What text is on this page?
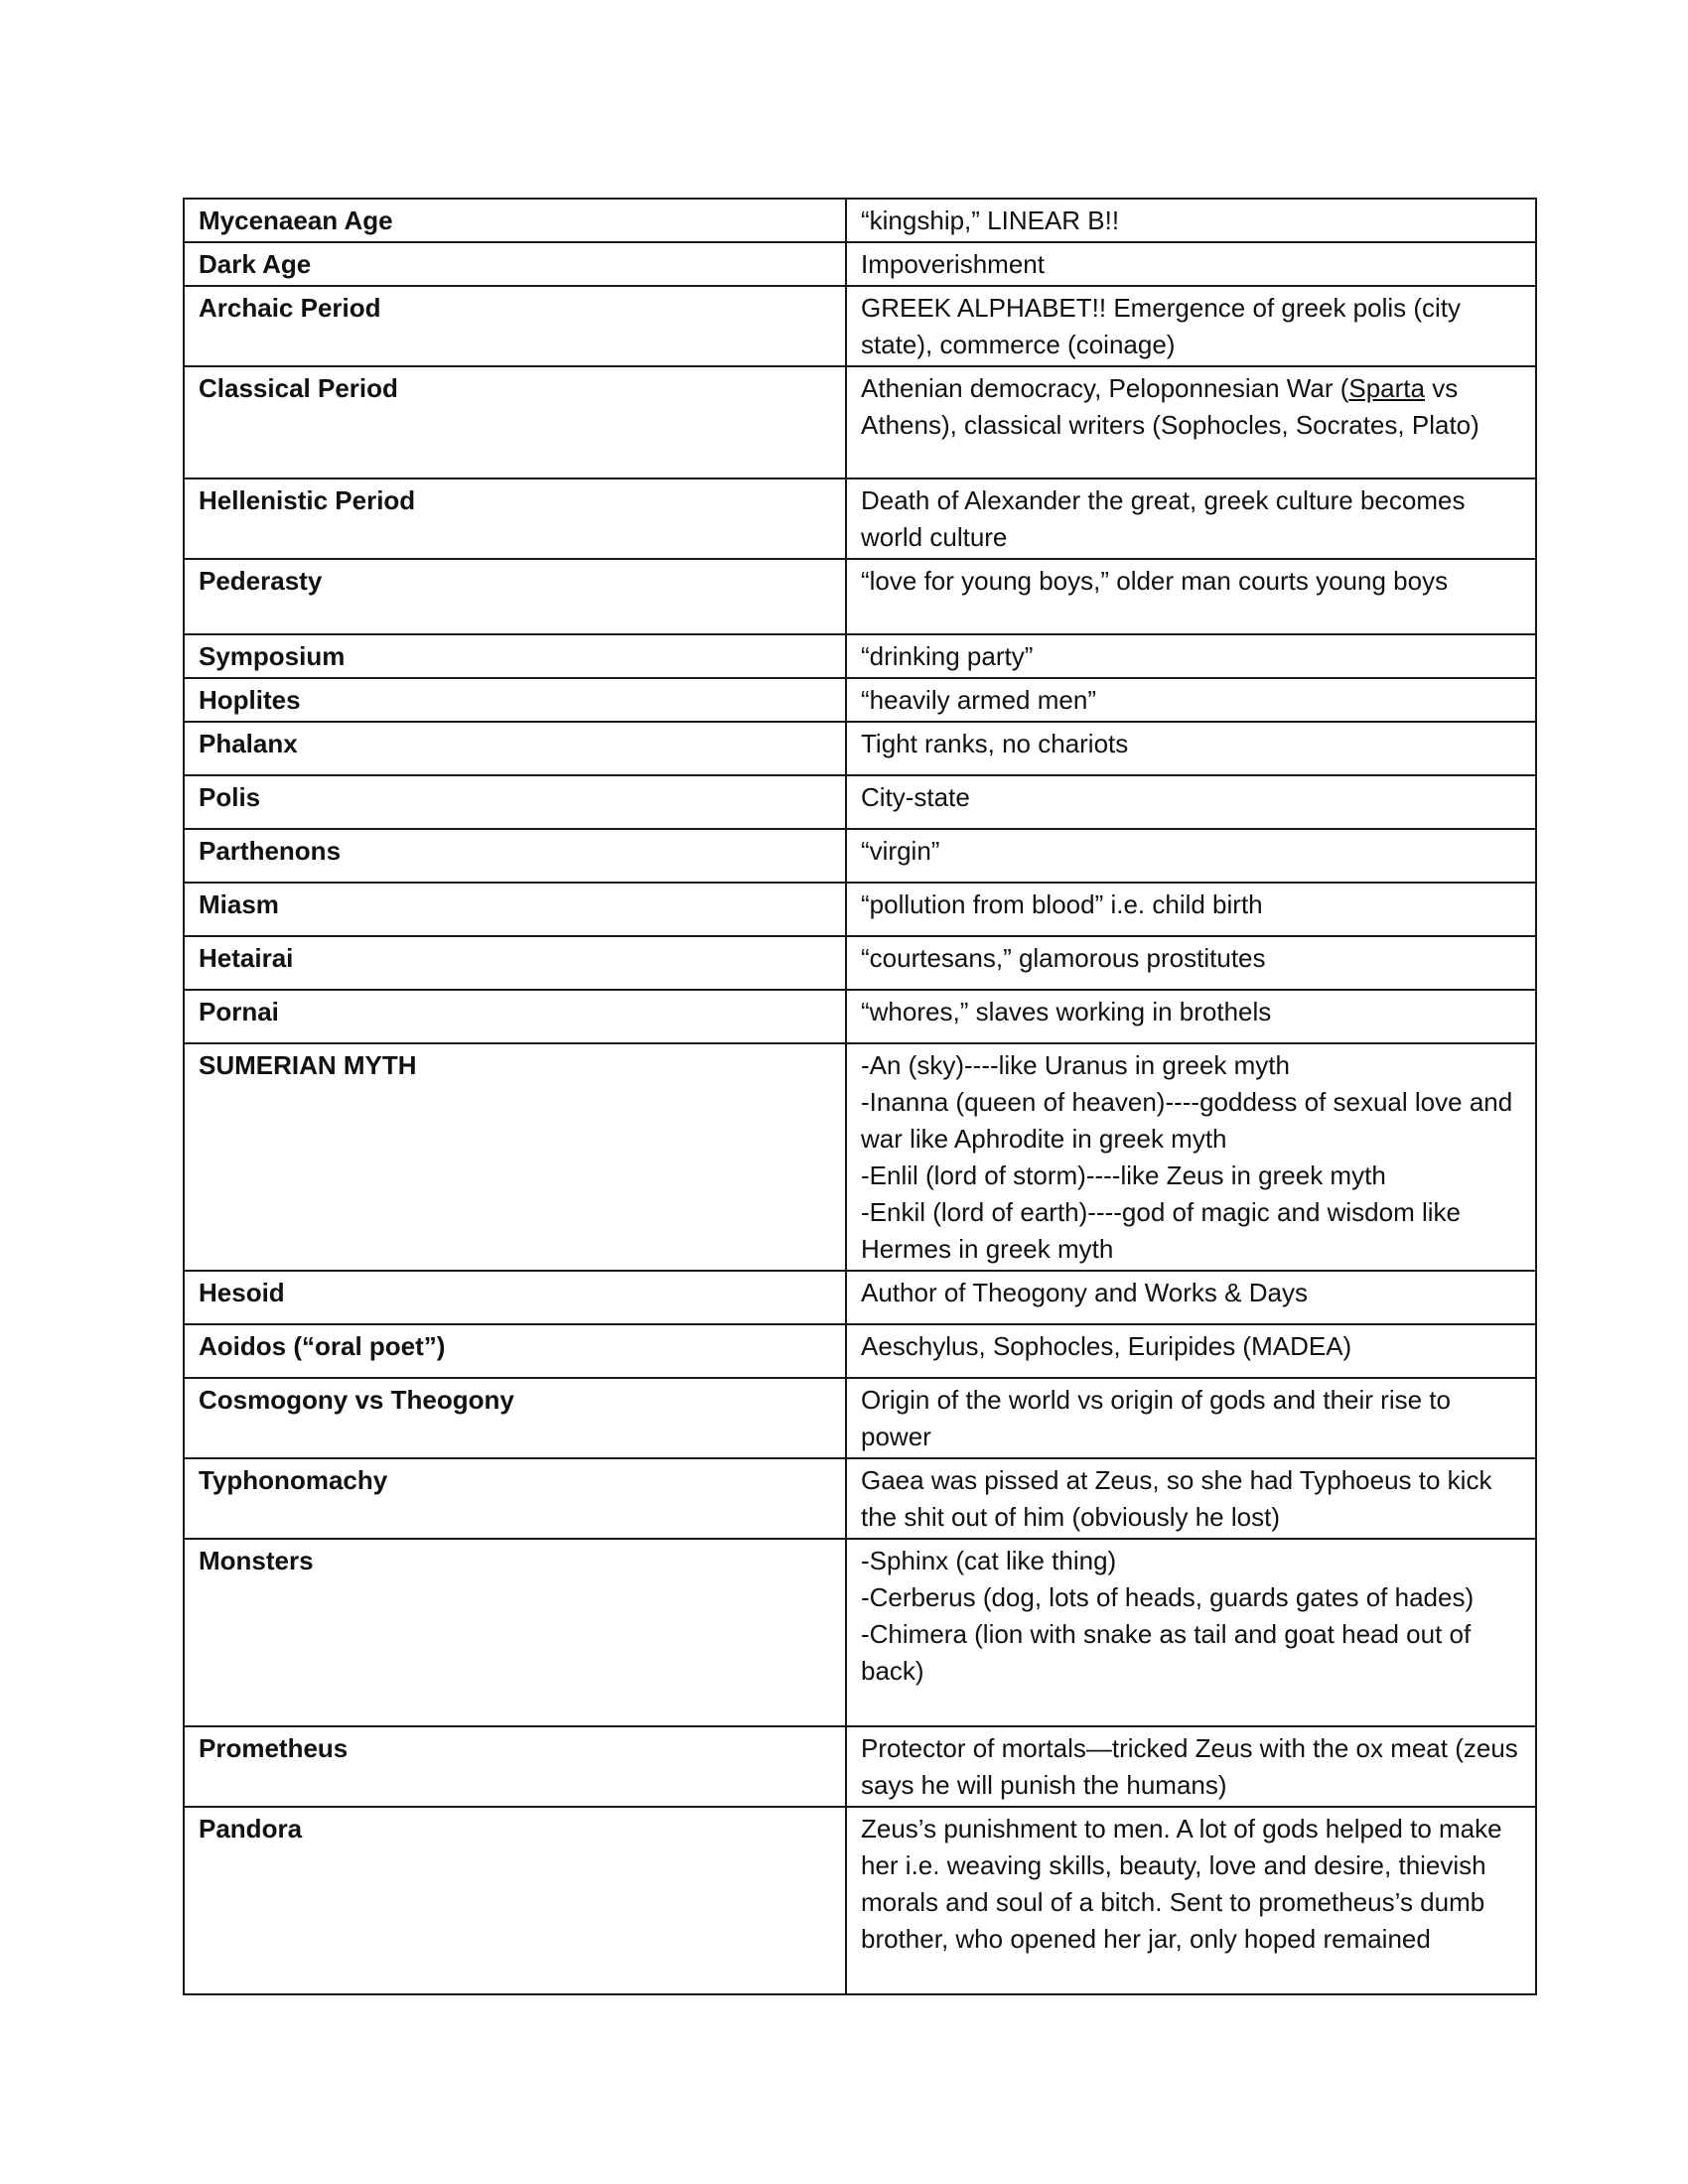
Mycenaean Age	“kingship,” LINEAR B!!

Dark Age	Impoverishment

Archaic Period	GREEK ALPHABET!! Emergence of greek polis (city state), commerce (coinage)

Classical Period	Athenian democracy, Peloponnesian War (Sparta vs Athens), classical writers (Sophocles, Socrates, Plato)
Hellenistic Period	Death of Alexander the great, greek culture becomes world culture

Pederasty	“love for young boys,” older man courts young boys

Symposium	“drinking party”

Hoplites	“heavily armed men”

Phalanx	Tight ranks, no chariots

Polis	City-state

Parthenons	“virgin”

Miasm	“pollution from blood” i.e. child birth

Hetairai	“courtesans,” glamorous prostitutes

Pornai	“whores,” slaves working in brothels

SUMERIAN MYTH	-An (sky)----like Uranus in greek myth
-Inanna (queen of heaven)----goddess of sexual love and war like Aphrodite in greek myth
-Enlil (lord of storm)----like Zeus in greek myth
-Enkil (lord of earth)----god of magic and wisdom like Hermes in greek myth

Hesoid	Author of Theogony and Works & Days

Aoidos (“oral poet”)	Aeschylus, Sophocles, Euripides (MADEA)

Cosmogony vs Theogony	Origin of the world vs origin of gods and their rise to power

Typhonomachy	Gaea was pissed at Zeus, so she had Typhoeus to kick the shit out of him (obviously he lost)

Monsters	-Sphinx (cat like thing)
-Cerberus (dog, lots of heads, guards gates of hades)
-Chimera (lion with snake as tail and goat head out of back)

Prometheus	Protector of mortals—tricked Zeus with the ox meat (zeus says he will punish the humans)

Pandora	Zeus’s punishment to men. A lot of gods helped to make her i.e. weaving skills, beauty, love and desire, thievish morals and soul of a bitch. Sent to prometheus’s dumb brother, who opened her jar, only hoped remained
